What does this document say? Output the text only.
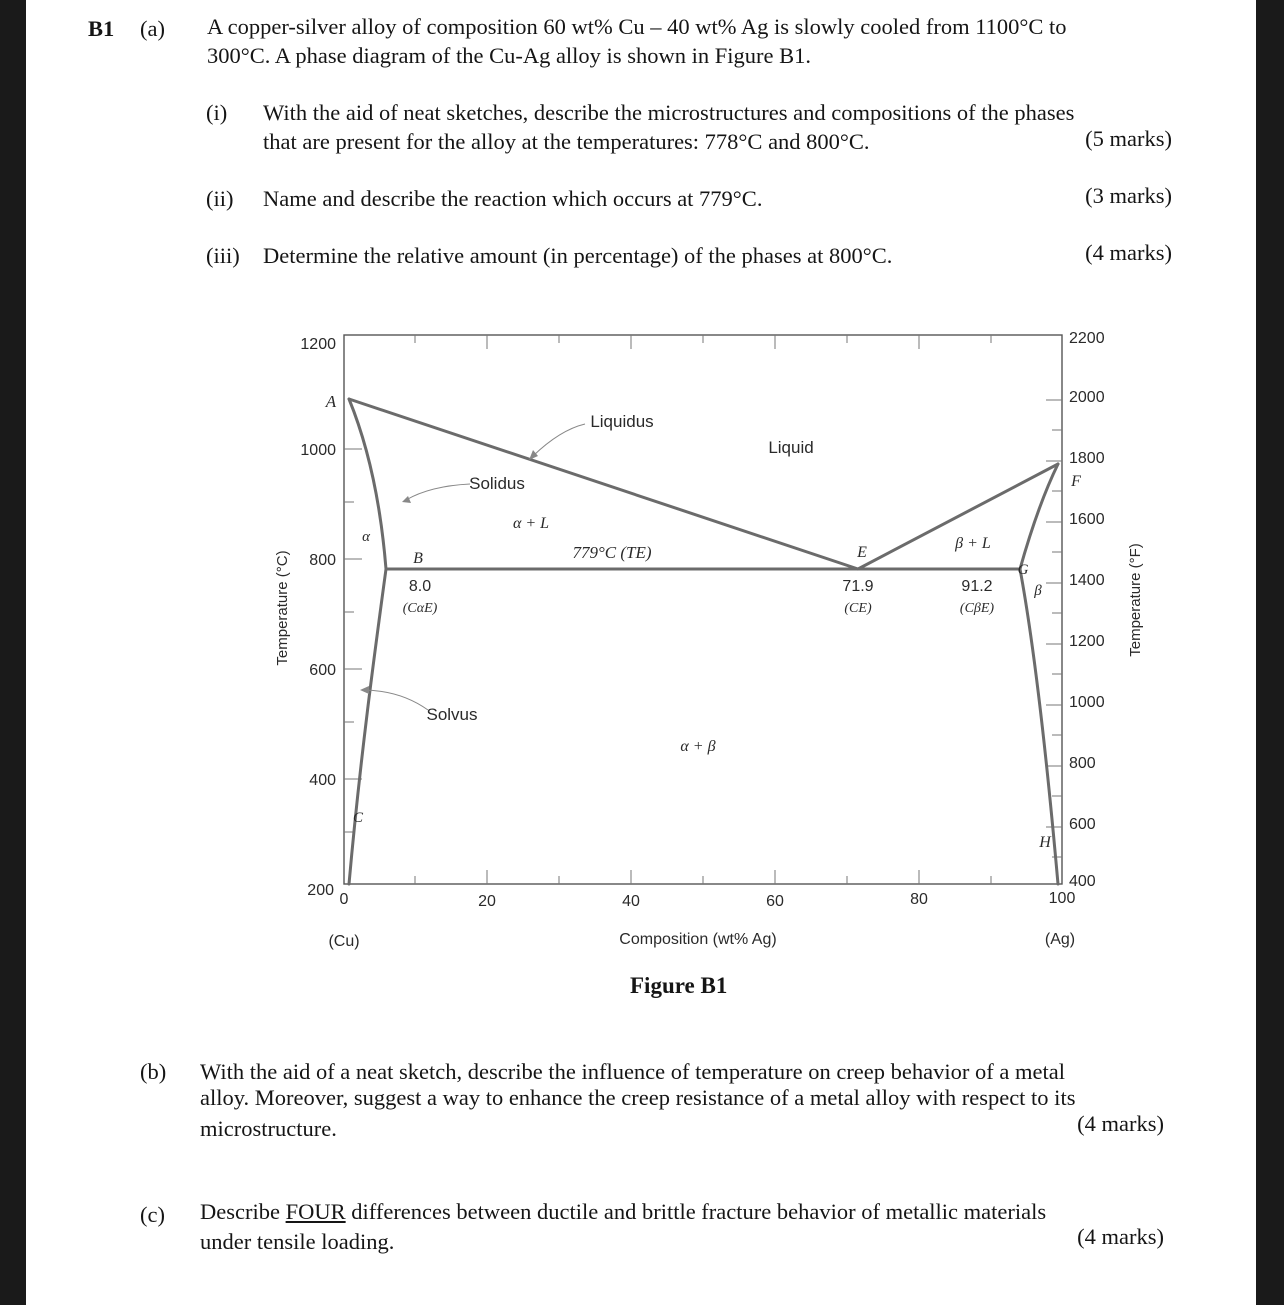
B1 (a) A copper-silver alloy of composition 60 wt% Cu – 40 wt% Ag is slowly cooled from 1100°C to
300°C. A phase diagram of the Cu-Ag alloy is shown in Figure B1.
(i) With the aid of neat sketches, describe the microstructures and compositions of the phases
that are present for the alloy at the temperatures: 778°C and 800°C.	(5 marks)
(ii) Name and describe the reaction which occurs at 779°C.	(3 marks)
(iii) Determine the relative amount (in percentage) of the phases at 800°C.	(4 marks)
1200
1000
800
600
400
200
2200
2000
1800
1600
1400
1200
1000
800
600
400
0	20	40	60	80	100
(Cu)	(Ag)
Composition (wt% Ag)
Temperature (°C)	Temperature (°F)
Liquid
Liquidus
Solidus
Solvus
α + L
β + L
α + β
α
β
779°C (TE)
A
B
C
E
F
G
H
8.0
(CαE)
71.9
(CE)
91.2
(CβE)
Figure B1
(b) With the aid of a neat sketch, describe the influence of temperature on creep behavior of a metal
alloy. Moreover, suggest a way to enhance the creep resistance of a metal alloy with respect to its
microstructure.	(4 marks)
(c) Describe FOUR differences between ductile and brittle fracture behavior of metallic materials
under tensile loading.	(4 marks)
